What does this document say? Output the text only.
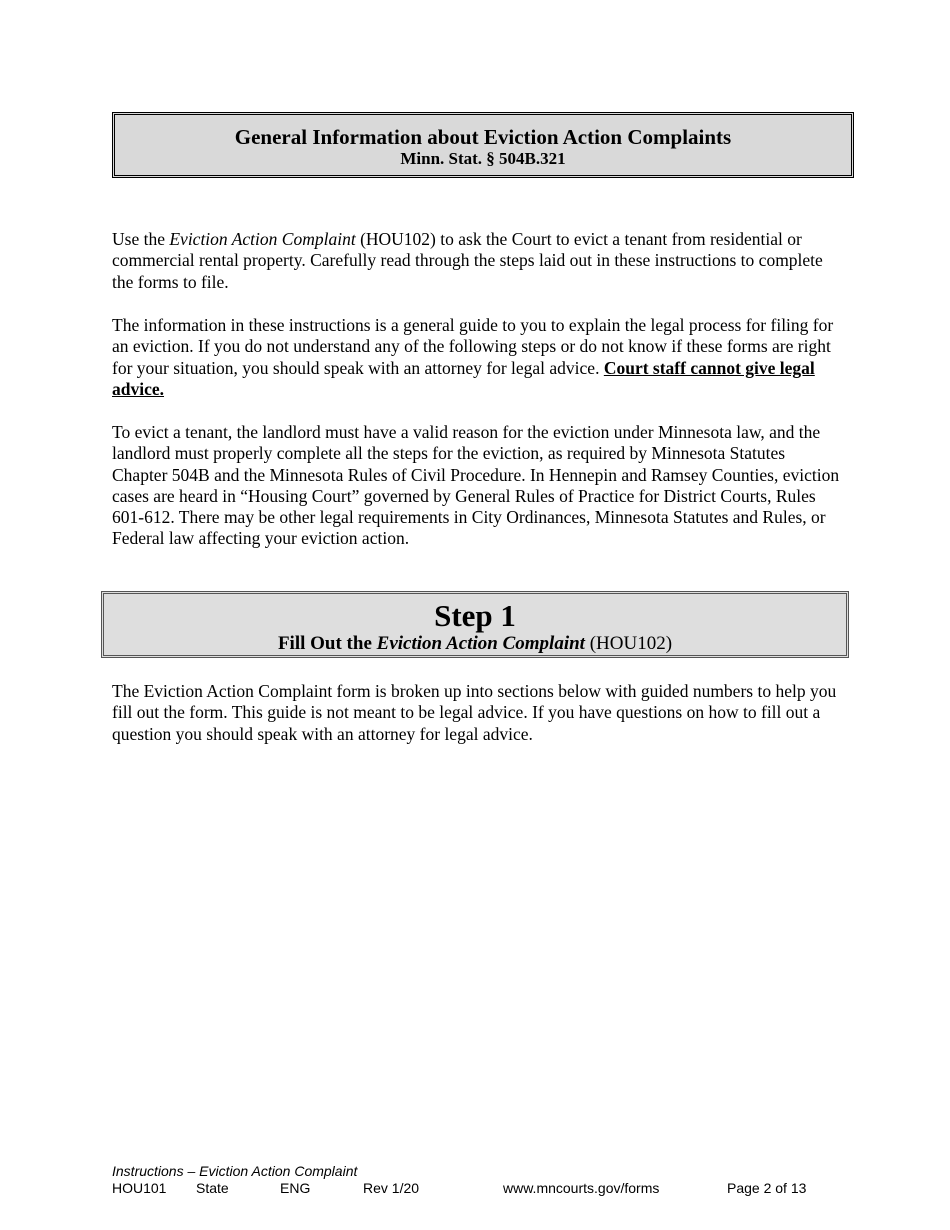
General Information about Eviction Action Complaints
Minn. Stat. § 504B.321
Use the Eviction Action Complaint (HOU102) to ask the Court to evict a tenant from residential or commercial rental property. Carefully read through the steps laid out in these instructions to complete the forms to file.
The information in these instructions is a general guide to you to explain the legal process for filing for an eviction. If you do not understand any of the following steps or do not know if these forms are right for your situation, you should speak with an attorney for legal advice. Court staff cannot give legal advice.
To evict a tenant, the landlord must have a valid reason for the eviction under Minnesota law, and the landlord must properly complete all the steps for the eviction, as required by Minnesota Statutes Chapter 504B and the Minnesota Rules of Civil Procedure. In Hennepin and Ramsey Counties, eviction cases are heard in “Housing Court” governed by General Rules of Practice for District Courts, Rules 601-612. There may be other legal requirements in City Ordinances, Minnesota Statutes and Rules, or Federal law affecting your eviction action.
Step 1
Fill Out the Eviction Action Complaint (HOU102)
The Eviction Action Complaint form is broken up into sections below with guided numbers to help you fill out the form. This guide is not meant to be legal advice. If you have questions on how to fill out a question you should speak with an attorney for legal advice.
Instructions – Eviction Action Complaint
HOU101 State	ENG	Rev 1/20	www.mncourts.gov/forms	Page 2 of 13
